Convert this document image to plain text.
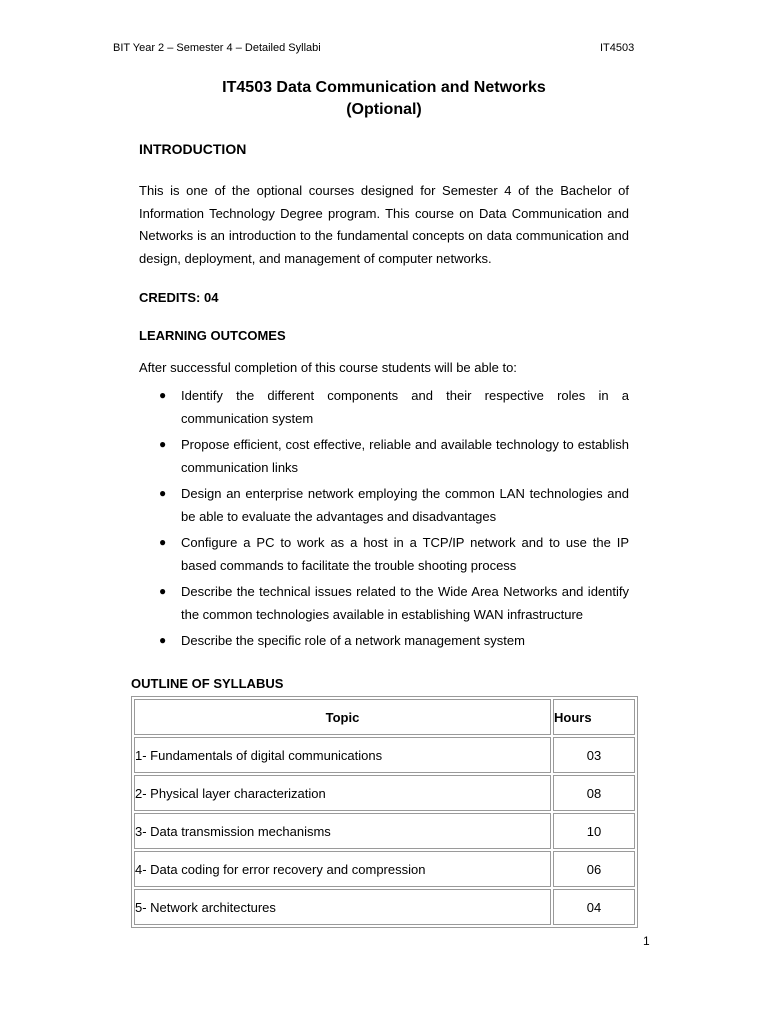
BIT Year 2 – Semester 4 – Detailed Syllabi	IT4503
IT4503 Data Communication and Networks
(Optional)
INTRODUCTION

This is one of the optional courses designed for Semester 4 of the Bachelor of Information Technology Degree program. This course on Data Communication and Networks is an introduction to the fundamental concepts on data communication and design, deployment, and management of computer networks.

CREDITS: 04
LEARNING OUTCOMES
After successful completion of this course students will be able to:
● Identify the different components and their respective roles in a communication system
● Propose efficient, cost effective, reliable and available technology to establish communication links
● Design an enterprise network employing the common LAN technologies and be able to evaluate the advantages and disadvantages
● Configure a PC to work as a host in a TCP/IP network and to use the IP based commands to facilitate the trouble shooting process
● Describe the technical issues related to the Wide Area Networks and identify the common technologies available in establishing WAN infrastructure
● Describe the specific role of a network management system
OUTLINE OF SYLLABUS
Topic	Hours
1- Fundamentals of digital communications	03
2- Physical layer characterization	08
3- Data transmission mechanisms	10
4- Data coding for error recovery and compression	06
5- Network architectures	04
1
